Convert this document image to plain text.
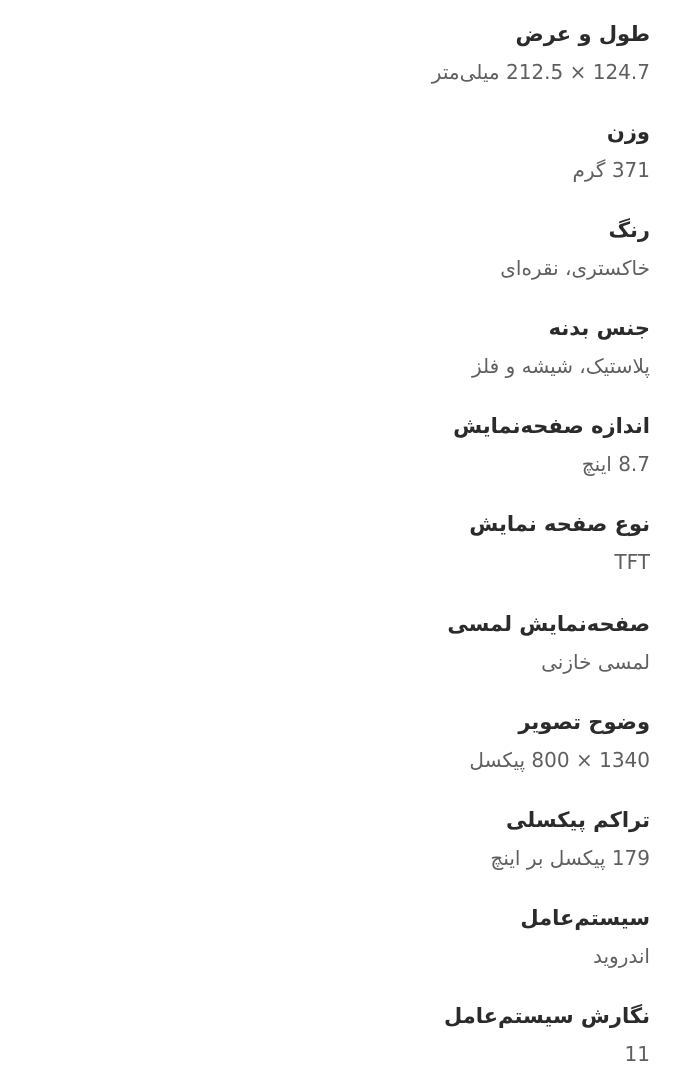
طول و عرض
124.7 × 212.5 میلی‌متر
وزن
371 گرم
رنگ
خاکستری، نقره‌ای
جنس بدنه
پلاستیک، شیشه و فلز
اندازه صفحه‌نمایش
8.7 اینچ
نوع صفحه نمایش
TFT
صفحه‌نمایش لمسی
لمسی خازنی
وضوح تصویر
1340 × 800 پیکسل
تراکم پیکسلی
179 پیکسل بر اینچ
سیستم‌عامل
اندروید
نگارش سیستم‌عامل
11
